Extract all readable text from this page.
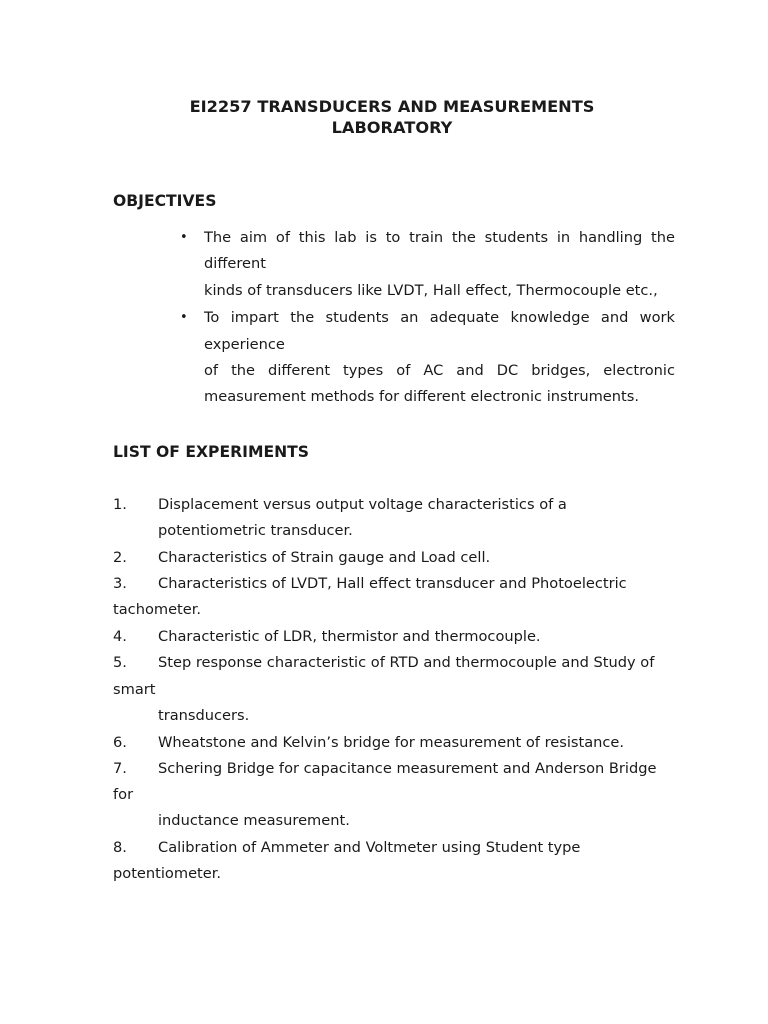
EI2257 TRANSDUCERS AND MEASUREMENTS
LABORATORY
OBJECTIVES
• The aim of this lab is to train the students in handling the
different
kinds of transducers like LVDT, Hall effect, Thermocouple etc.,
• To impart the students an adequate knowledge and work
experience
of the different types of AC and DC bridges, electronic
measurement methods for different electronic instruments.
LIST OF EXPERIMENTS
1. Displacement versus output voltage characteristics of a
potentiometric transducer.
2. Characteristics of Strain gauge and Load cell.
3. Characteristics of LVDT, Hall effect transducer and Photoelectric
tachometer.
4. Characteristic of LDR, thermistor and thermocouple.
5. Step response characteristic of RTD and thermocouple and Study of
smart
transducers.
6. Wheatstone and Kelvin’s bridge for measurement of resistance.
7. Schering Bridge for capacitance measurement and Anderson Bridge
for
inductance measurement.
8. Calibration of Ammeter and Voltmeter using Student type
potentiometer.
